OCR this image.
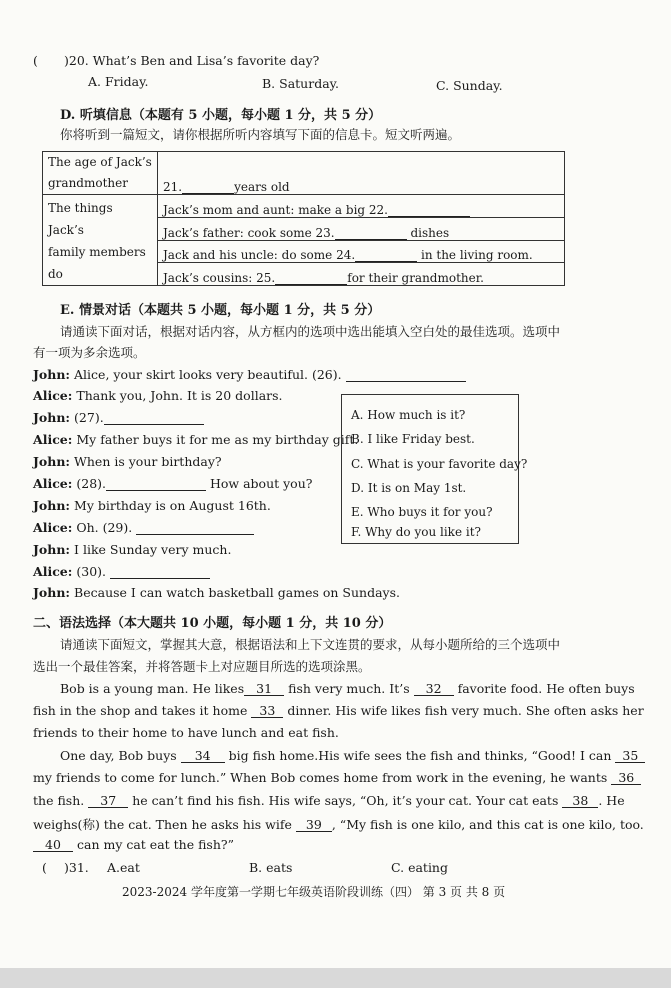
( )20. What’s Ben and Lisa’s favorite day?
A. Friday.	B. Saturday.	C. Sunday.
D. 听填信息（本题有 5 小题，每小题 1 分，共 5 分）
你将听到一篇短文，请你根据所听内容填写下面的信息卡。短文听两遍。
The age of Jack’s
grandmother	21. years old

The things Jack’s
family members
do	Jack’s mom and aunt: make a big 22.
	Jack’s father: cook some 23. dishes
	Jack and his uncle: do some 24. in the living room.
	Jack’s cousins: 25. for their grandmother.
E. 情景对话（本题共 5 小题，每小题 1 分，共 5 分）
请通读下面对话，根据对话内容，从方框内的选项中选出能填入空白处的最佳选项。选项中
有一项为多余选项。
John: Alice, your skirt looks very beautiful. (26).
Alice: Thank you, John. It is 20 dollars.
John: (27).
Alice: My father buys it for me as my birthday gift.
John: When is your birthday?
Alice: (28).	How about you?
John: My birthday is on August 16th.
Alice: Oh. (29).
John: I like Sunday very much.
Alice: (30).
John: Because I can watch basketball games on Sundays.
A. How much is it?
B. I like Friday best.
C. What is your favorite day?
D. It is on May 1st.
E. Who buys it for you?
F. Why do you like it?
二、语法选择（本大题共 10 小题，每小题 1 分，共 10 分）
请通读下面短文，掌握其大意，根据语法和上下文连贯的要求，从每小题所给的三个选项中
选出一个最佳答案，并将答题卡上对应题目所选的选项涂黑。
Bob is a young man. He likes 31 fish very much. It’s 32 favorite food. He often buys
fish in the shop and takes it home 33 dinner. His wife likes fish very much. She often asks her
friends to their home to have lunch and eat fish.
One day, Bob buys 34 big fish home.His wife sees the fish and thinks, “Good! I can 35
my friends to come for lunch.” When Bob comes home from work in the evening, he wants 36
the fish. 37 he can’t find his fish. His wife says, “Oh, it’s your cat. Your cat eats 38 . He
weighs(称) the cat. Then he asks his wife 39 , “My fish is one kilo, and this cat is one kilo, too.
40 can my cat eat the fish?”
( )31. A.eat	B. eats	C. eating
2023-2024 学年度第一学期七年级英语阶段训练（四） 第 3 页 共 8 页
